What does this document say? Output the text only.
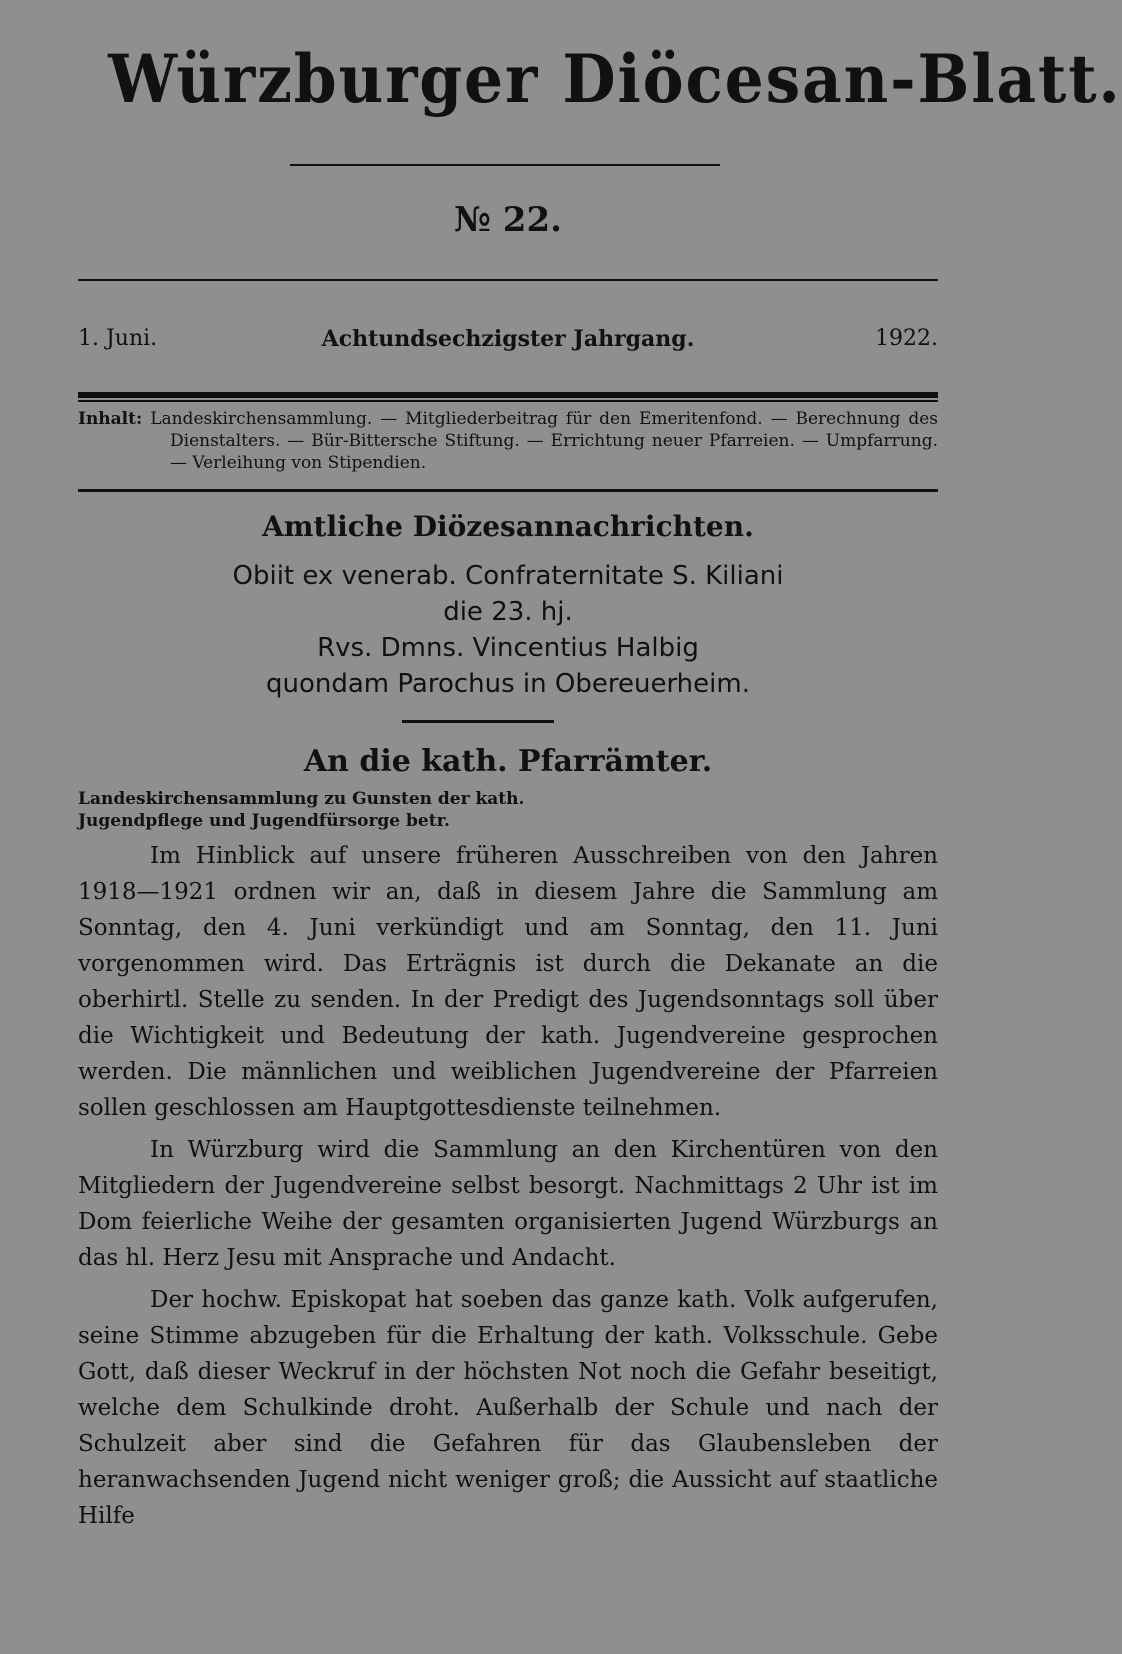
Würzburger Diöcesan-Blatt.
№ 22.
1. Juni.	Achtundsechzigster Jahrgang.	1922.

Inhalt: Landeskirchensammlung. — Mitgliederbeitrag für den Emeritenfond. — Berechnung des Dienstalters. — Bür-Bittersche Stiftung. — Errichtung neuer Pfarreien. — Umpfarrung. — Verleihung von Stipendien.

Amtliche Diözesannachrichten.
Obiit ex venerab. Confraternitate S. Kiliani
die 23. hj.
Rvs. Dmns. Vincentius Halbig
quondam Parochus in Obereuerheim.
An die kath. Pfarrämter.
Landeskirchensammlung zu Gunsten der kath.
Jugendpflege und Jugendfürsorge betr.

Im Hinblick auf unsere früheren Ausschreiben von den Jahren 1918—1921 ordnen wir an, daß in diesem Jahre die Sammlung am Sonntag, den 4. Juni verkündigt und am Sonntag, den 11. Juni vorgenommen wird. Das Erträgnis ist durch die Dekanate an die oberhirtl. Stelle zu senden. In der Predigt des Jugendsonntags soll über die Wichtigkeit und Bedeutung der kath. Jugendvereine gesprochen werden. Die männlichen und weiblichen Jugendvereine der Pfarreien sollen geschlossen am Hauptgottesdienste teilnehmen.

In Würzburg wird die Sammlung an den Kirchentüren von den Mitgliedern der Jugendvereine selbst besorgt. Nachmittags 2 Uhr ist im Dom feierliche Weihe der gesamten organisierten Jugend Würzburgs an das hl. Herz Jesu mit Ansprache und Andacht.

Der hochw. Episkopat hat soeben das ganze kath. Volk aufgerufen, seine Stimme abzugeben für die Erhaltung der kath. Volksschule. Gebe Gott, daß dieser Weckruf in der höchsten Not noch die Gefahr beseitigt, welche dem Schulkinde droht. Außerhalb der Schule und nach der Schulzeit aber sind die Gefahren für das Glaubensleben der heranwachsenden Jugend nicht weniger groß; die Aussicht auf staatliche Hilfe
